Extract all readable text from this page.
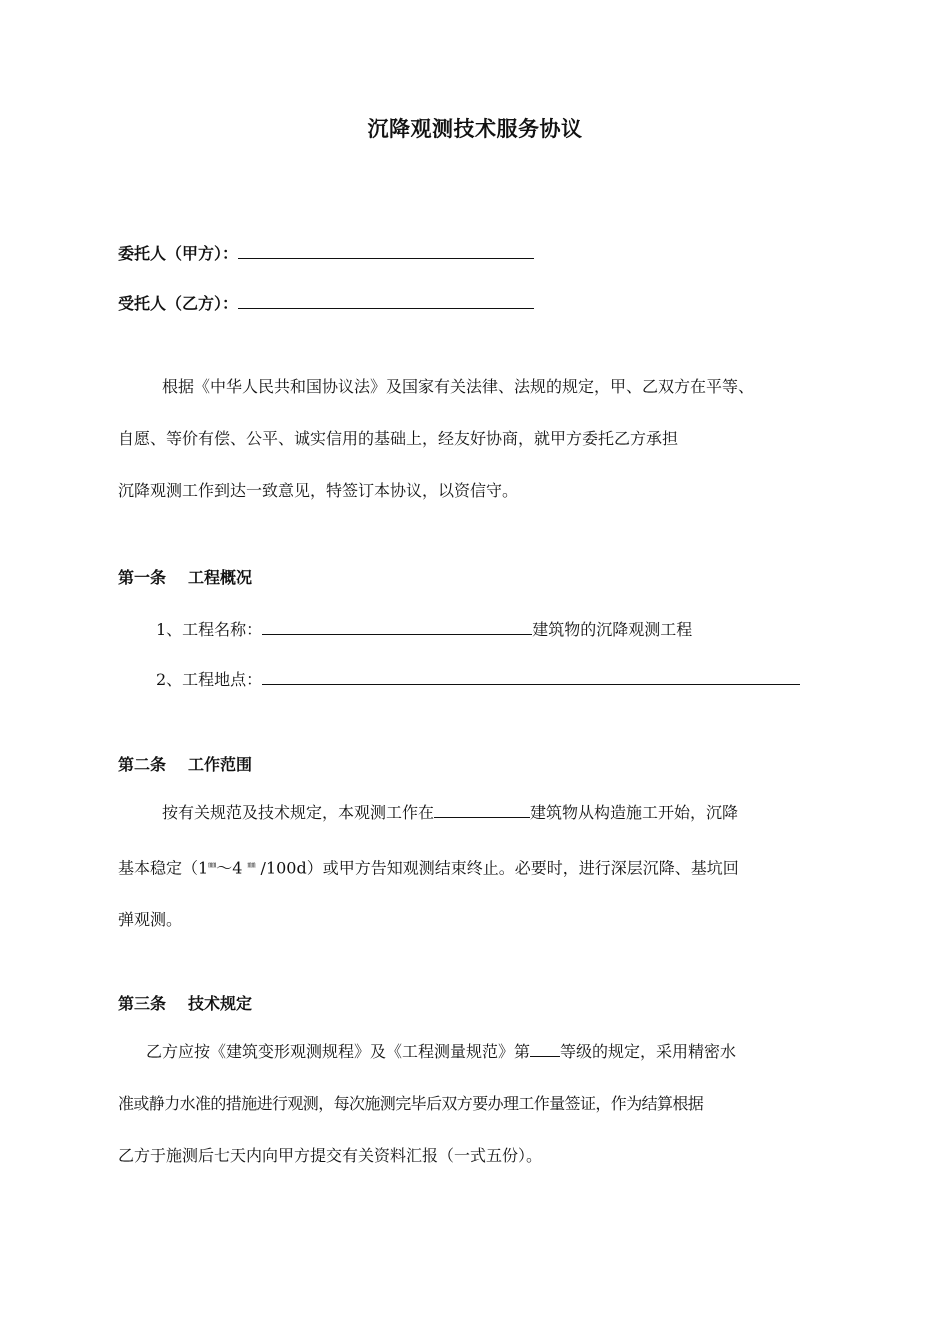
沉降观测技术服务协议
委托人（甲方）：
受托人（乙方）：

根据《中华人民共和国协议法》及国家有关法律、法规的规定，甲、乙双方在平等、

自愿、等价有偿、公平、诚实信用的基础上，经友好协商，就甲方委托乙方承担

沉降观测工作到达一致意见，特签订本协议，以资信守。

第一条 工程概况
1、工程名称：	建筑物的沉降观测工程
2、工程地点：
第二条 工作范围

按有关规范及技术规定，本观测工作在	建筑物从构造施工开始，沉降

基本稳定（1㎜～4 ㎜ /100d）或甲方告知观测结束终止。必要时，进行深层沉降、基坑回

弹观测。

第三条 技术规定

乙方应按《建筑变形观测规程》及《工程测量规范》第 等级的规定，采用精密水

准或静力水准的措施进行观测，每次施测完毕后双方要办理工作量签证，作为结算根据

乙方于施测后七天内向甲方提交有关资料汇报（一式五份）。
